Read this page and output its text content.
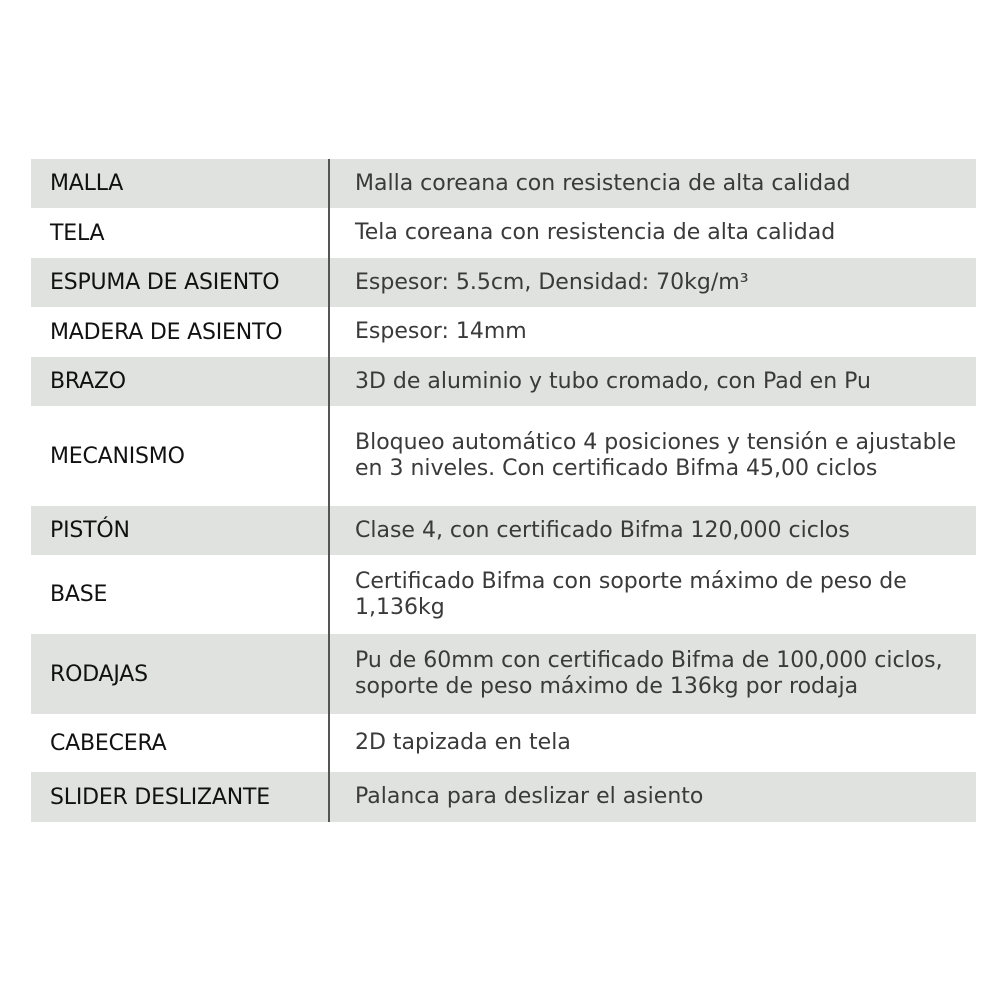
MALLA	Malla coreana con resistencia de alta calidad
TELA	Tela coreana con resistencia de alta calidad
ESPUMA DE ASIENTO	Espesor: 5.5cm, Densidad: 70kg/m³
MADERA DE ASIENTO	Espesor: 14mm
BRAZO	3D de aluminio y tubo cromado, con Pad en Pu
MECANISMO	Bloqueo automático 4 posiciones y tensión e ajustable en 3 niveles. Con certificado Bifma 45,00 ciclos
PISTÓN	Clase 4, con certificado Bifma 120,000 ciclos
BASE	Certificado Bifma con soporte máximo de peso de 1,136kg
RODAJAS	Pu de 60mm con certificado Bifma de 100,000 ciclos, soporte de peso máximo de 136kg por rodaja
CABECERA	2D tapizada en tela
SLIDER DESLIZANTE	Palanca para deslizar el asiento
